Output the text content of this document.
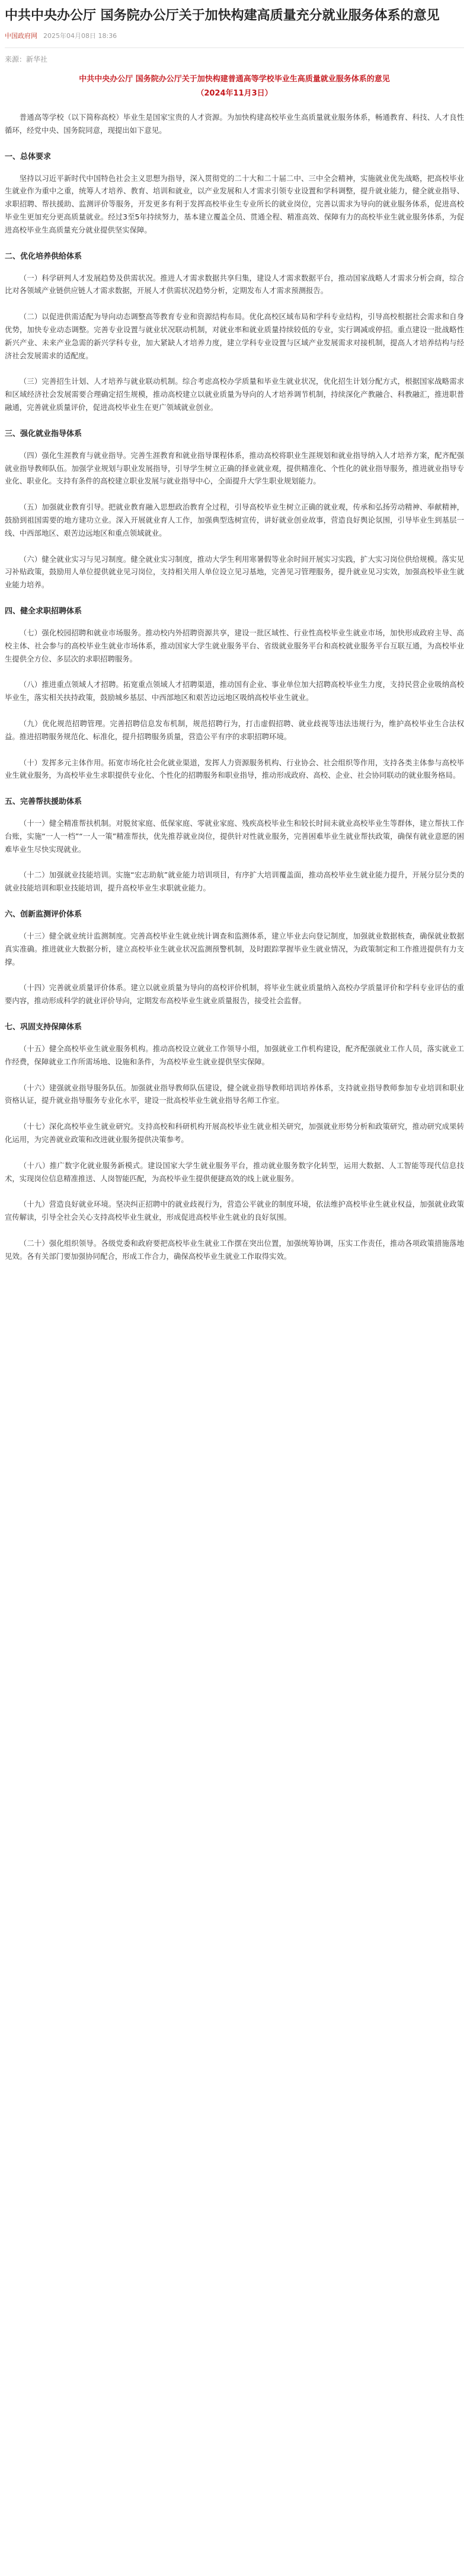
中共中央办公厅 国务院办公厅关于加快构建高质量充分就业服务体系的意见
中国政府网 2025年04月08日 18:36
来源：新华社
中共中央办公厅 国务院办公厅关于加快构建普通高等学校毕业生高质量就业服务体系的意见
（2024年11月3日）
普通高等学校（以下简称高校）毕业生是国家宝贵的人才资源。为加快构建高校毕业生高质量就业服务体系，畅通教育、科技、人才良性循环，经党中央、国务院同意，现提出如下意见。
一、总体要求
坚持以习近平新时代中国特色社会主义思想为指导，深入贯彻党的二十大和二十届二中、三中全会精神，实施就业优先战略，把高校毕业生就业作为重中之重，统筹人才培养、教育、培训和就业，以产业发展和人才需求引领专业设置和学科调整，提升就业能力，健全就业指导、求职招聘、帮扶援助、监测评价等服务，开发更多有利于发挥高校毕业生专业所长的就业岗位，完善以需求为导向的就业服务体系，促进高校毕业生更加充分更高质量就业。经过3至5年持续努力，基本建立覆盖全员、贯通全程、精准高效、保障有力的高校毕业生就业服务体系，为促进高校毕业生高质量充分就业提供坚实保障。
二、优化培养供给体系
（一）科学研判人才发展趋势及供需状况。推进人才需求数据共享归集，建设人才需求数据平台，推动国家战略人才需求分析会商，综合比对各领域产业链供应链人才需求数据，开展人才供需状况趋势分析，定期发布人才需求预测报告。
（二）以促进供需适配为导向动态调整高等教育专业和资源结构布局。优化高校区域布局和学科专业结构，引导高校根据社会需求和自身优势，加快专业动态调整。完善专业设置与就业状况联动机制，对就业率和就业质量持续较低的专业，实行调减或停招。重点建设一批战略性新兴产业、未来产业急需的新兴学科专业，加大紧缺人才培养力度，建立学科专业设置与区域产业发展需求对接机制，提高人才培养结构与经济社会发展需求的适配度。
（三）完善招生计划、人才培养与就业联动机制。综合考虑高校办学质量和毕业生就业状况，优化招生计划分配方式，根据国家战略需求和区域经济社会发展需要合理确定招生规模，推动高校建立以就业质量为导向的人才培养调节机制，持续深化产教融合、科教融汇，推进职普融通，完善就业质量评价，促进高校毕业生在更广领域就业创业。
三、强化就业指导体系
（四）强化生涯教育与就业指导。完善生涯教育和就业指导课程体系，推动高校将职业生涯规划和就业指导纳入人才培养方案，配齐配强就业指导教师队伍。加强学业规划与职业发展指导，引导学生树立正确的择业就业观，提供精准化、个性化的就业指导服务，推进就业指导专业化、职业化。支持有条件的高校建立职业发展与就业指导中心，全面提升大学生职业规划能力。
（五）加强就业教育引导。把就业教育融入思想政治教育全过程，引导高校毕业生树立正确的就业观，传承和弘扬劳动精神、奉献精神，鼓励到祖国需要的地方建功立业。深入开展就业育人工作，加强典型选树宣传，讲好就业创业故事，营造良好舆论氛围，引导毕业生到基层一线、中西部地区、艰苦边远地区和重点领域就业。
（六）健全就业实习与见习制度。健全就业实习制度，推动大学生利用寒暑假等业余时间开展实习实践，扩大实习岗位供给规模。落实见习补贴政策，鼓励用人单位提供就业见习岗位，支持相关用人单位设立见习基地，完善见习管理服务，提升就业见习实效，加强高校毕业生就业能力培养。
四、健全求职招聘体系
（七）强化校园招聘和就业市场服务。推动校内外招聘资源共享，建设一批区域性、行业性高校毕业生就业市场，加快形成政府主导、高校主体、社会参与的高校毕业生就业市场体系，推动国家大学生就业服务平台、省级就业服务平台和高校就业服务平台互联互通，为高校毕业生提供全方位、多层次的求职招聘服务。
（八）推进重点领域人才招聘。拓宽重点领域人才招聘渠道，推动国有企业、事业单位加大招聘高校毕业生力度，支持民营企业吸纳高校毕业生，落实相关扶持政策，鼓励城乡基层、中西部地区和艰苦边远地区吸纳高校毕业生就业。
（九）优化规范招聘管理。完善招聘信息发布机制，规范招聘行为，打击虚假招聘、就业歧视等违法违规行为，维护高校毕业生合法权益。推进招聘服务规范化、标准化，提升招聘服务质量，营造公平有序的求职招聘环境。
（十）发挥多元主体作用。拓宽市场化社会化就业渠道，发挥人力资源服务机构、行业协会、社会组织等作用，支持各类主体参与高校毕业生就业服务，为高校毕业生求职提供专业化、个性化的招聘服务和职业指导，推动形成政府、高校、企业、社会协同联动的就业服务格局。
五、完善帮扶援助体系
（十一）健全精准帮扶机制。对脱贫家庭、低保家庭、零就业家庭、残疾高校毕业生和较长时间未就业高校毕业生等群体，建立帮扶工作台账，实施“一人一档”“一人一策”精准帮扶，优先推荐就业岗位，提供针对性就业服务，完善困难毕业生就业帮扶政策，确保有就业意愿的困难毕业生尽快实现就业。
（十二）加强就业技能培训。实施“宏志助航”就业能力培训项目，有序扩大培训覆盖面，推动高校毕业生就业能力提升，开展分层分类的就业技能培训和职业技能培训，提升高校毕业生求职就业能力。
六、创新监测评价体系
（十三）健全就业统计监测制度。完善高校毕业生就业统计调查和监测体系，建立毕业去向登记制度，加强就业数据核查，确保就业数据真实准确。推进就业大数据分析，建立高校毕业生就业状况监测预警机制，及时跟踪掌握毕业生就业情况，为政策制定和工作推进提供有力支撑。
（十四）完善就业质量评价体系。建立以就业质量为导向的高校评价机制，将毕业生就业质量纳入高校办学质量评价和学科专业评估的重要内容，推动形成科学的就业评价导向，定期发布高校毕业生就业质量报告，接受社会监督。
七、巩固支持保障体系
（十五）健全高校毕业生就业服务机构。推动高校设立就业工作领导小组，加强就业工作机构建设，配齐配强就业工作人员，落实就业工作经费，保障就业工作所需场地、设施和条件，为高校毕业生就业提供坚实保障。
（十六）建强就业指导服务队伍。加强就业指导教师队伍建设，健全就业指导教师培训培养体系，支持就业指导教师参加专业培训和职业资格认证，提升就业指导服务专业化水平，建设一批高校毕业生就业指导名师工作室。
（十七）深化高校毕业生就业研究。支持高校和科研机构开展高校毕业生就业相关研究，加强就业形势分析和政策研究，推动研究成果转化运用，为完善就业政策和改进就业服务提供决策参考。
（十八）推广数字化就业服务新模式。建设国家大学生就业服务平台，推动就业服务数字化转型，运用大数据、人工智能等现代信息技术，实现岗位信息精准推送、人岗智能匹配，为高校毕业生提供便捷高效的线上就业服务。
（十九）营造良好就业环境。坚决纠正招聘中的就业歧视行为，营造公平就业的制度环境，依法维护高校毕业生就业权益，加强就业政策宣传解读，引导全社会关心支持高校毕业生就业，形成促进高校毕业生就业的良好氛围。
（二十）强化组织领导。各级党委和政府要把高校毕业生就业工作摆在突出位置，加强统筹协调，压实工作责任，推动各项政策措施落地见效。各有关部门要加强协同配合，形成工作合力，确保高校毕业生就业工作取得实效。
